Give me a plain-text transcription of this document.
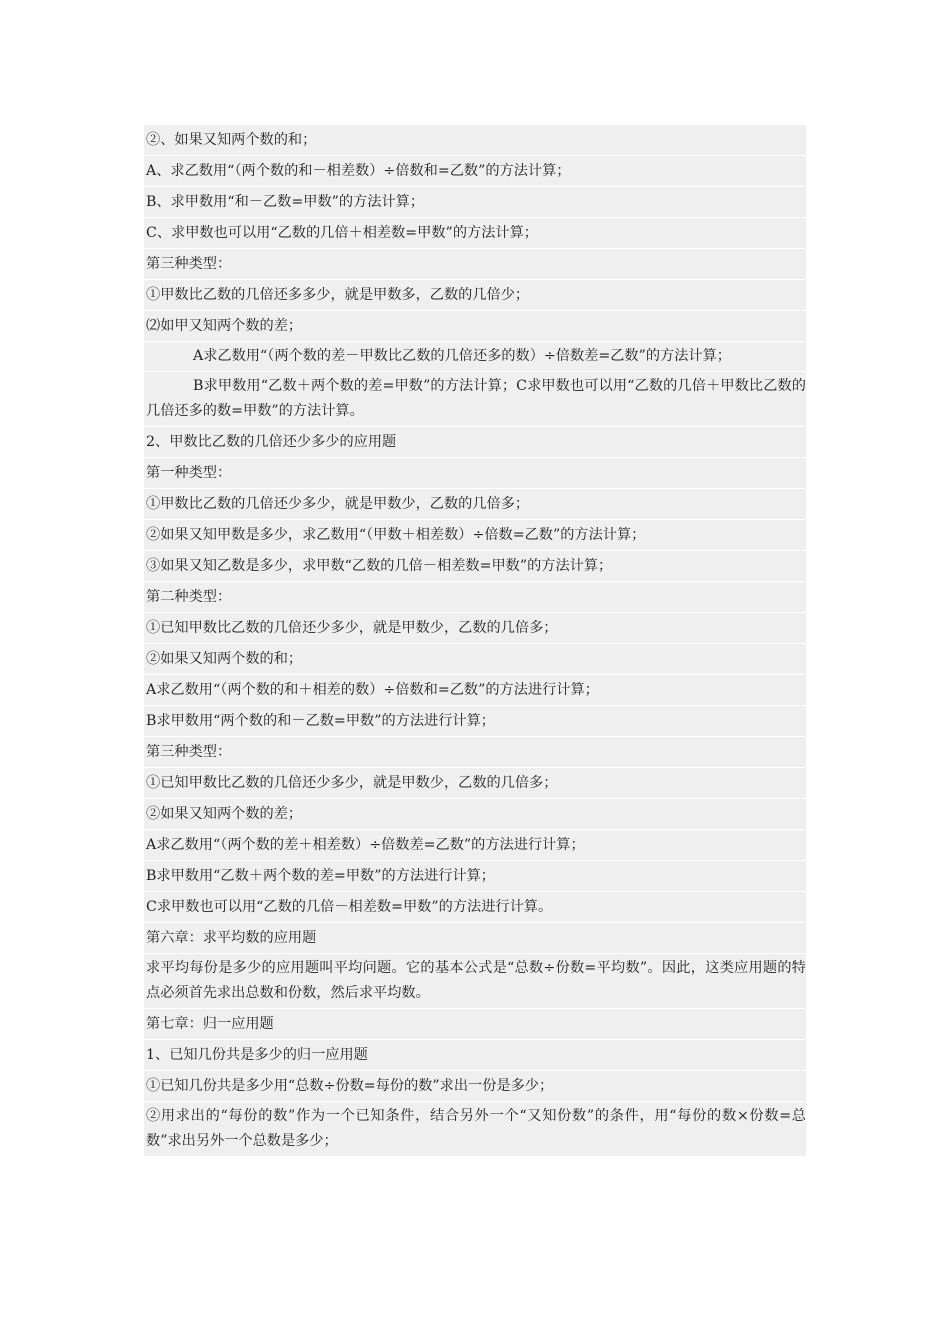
②、如果又知两个数的和；
A、求乙数用“（两个数的和－相差数）÷倍数和=乙数”的方法计算；
B、求甲数用“和－乙数=甲数”的方法计算；
C、求甲数也可以用“乙数的几倍＋相差数=甲数”的方法计算；
第三种类型：
①甲数比乙数的几倍还多多少，就是甲数多，乙数的几倍少；
⑵如甲又知两个数的差；
A求乙数用“（两个数的差－甲数比乙数的几倍还多的数）÷倍数差=乙数”的方法计算；
B求甲数用“乙数＋两个数的差=甲数”的方法计算；C求甲数也可以用“乙数的几倍＋甲数比乙数的几倍还多的数=甲数”的方法计算。
2、甲数比乙数的几倍还少多少的应用题
第一种类型：
①甲数比乙数的几倍还少多少，就是甲数少，乙数的几倍多；
②如果又知甲数是多少，求乙数用“（甲数＋相差数）÷倍数=乙数”的方法计算；
③如果又知乙数是多少，求甲数“乙数的几倍－相差数=甲数”的方法计算；
第二种类型：
①已知甲数比乙数的几倍还少多少，就是甲数少，乙数的几倍多；
②如果又知两个数的和；
A求乙数用“（两个数的和＋相差的数）÷倍数和=乙数”的方法进行计算；
B求甲数用“两个数的和－乙数=甲数”的方法进行计算；
第三种类型：
①已知甲数比乙数的几倍还少多少，就是甲数少，乙数的几倍多；
②如果又知两个数的差；
A求乙数用“（两个数的差＋相差数）÷倍数差=乙数”的方法进行计算；
B求甲数用“乙数＋两个数的差=甲数”的方法进行计算；
C求甲数也可以用“乙数的几倍－相差数=甲数”的方法进行计算。
第六章：求平均数的应用题
求平均每份是多少的应用题叫平均问题。它的基本公式是“总数÷份数=平均数”。因此，这类应用题的特点必须首先求出总数和份数，然后求平均数。
第七章：归一应用题
1、已知几份共是多少的归一应用题
①已知几份共是多少用“总数÷份数=每份的数”求出一份是多少；
②用求出的“每份的数”作为一个已知条件，结合另外一个“又知份数”的条件，用“每份的数×份数=总数”求出另外一个总数是多少；
